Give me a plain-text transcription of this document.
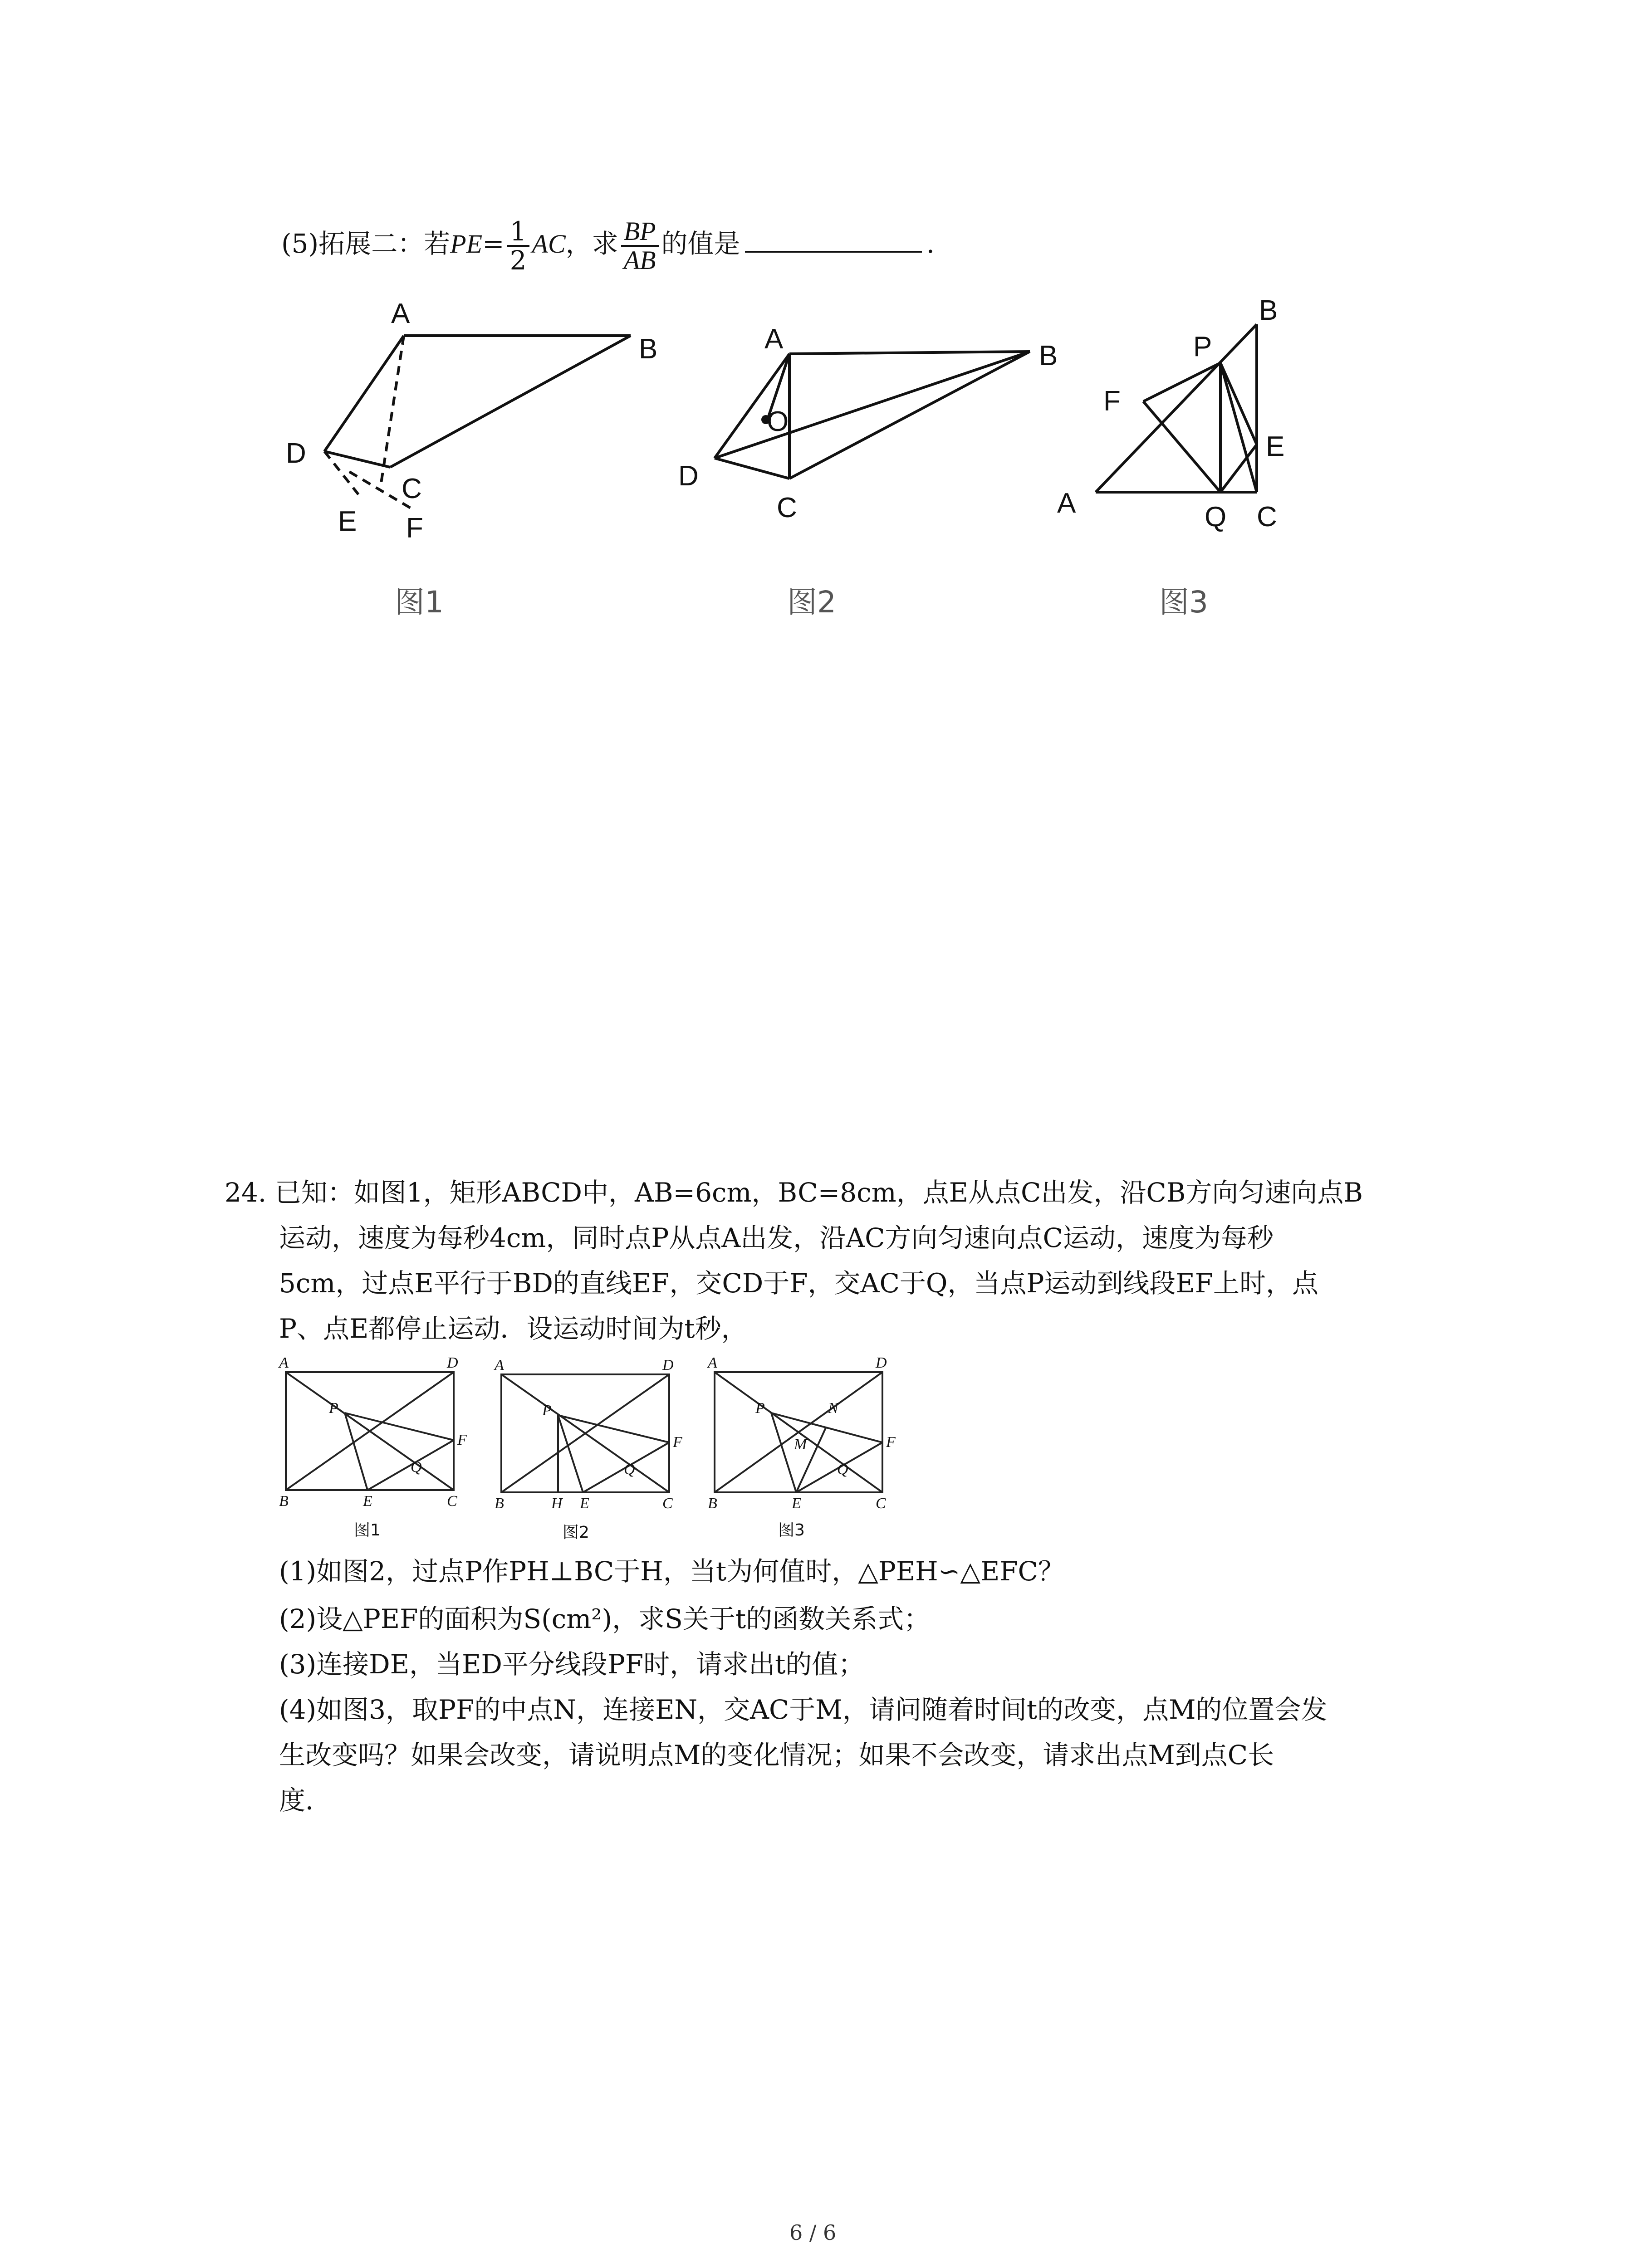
(5)拓展二：若$PE= \frac{1}{2}$ AC，求 $\frac{BP}{AB}$ 的值是	.
A
B
C
D
E F
图1
A
B
C
D
O
图2
B
P
F
E
A	Q C
图3
24. 已知：如图1，矩形ABCD中，AB=6cm，BC=8cm，点E从点C出发，沿CB方向匀速向点B
运动，速度为每秒4cm，同时点P从点A出发，沿AC方向匀速向点C运动，速度为每秒
5cm，过点E平行于BD的直线EF，交CD于F，交AC于Q，当点P运动到线段EF上时，点
P、点E都停止运动．设运动时间为t秒，
A	D
B	C
E
F
P
Q
图1
A	D
B	C
H E
F
P
Q
图2
A	D
B	C
E
F
P	N
M
Q
图3
(1)如图2，过点P作PH⊥BC于H，当t为何值时，△PEH∽△EFC？
(2)设△PEF的面积为S(cm²)，求S关于t的函数关系式；
(3)连接DE，当ED平分线段PF时，请求出t的值；
(4)如图3，取PF的中点N，连接EN，交AC于M，请问随着时间t的改变，点M的位置会发
生改变吗？如果会改变，请说明点M的变化情况；如果不会改变，请求出点M到点C长
度．
6 / 6
